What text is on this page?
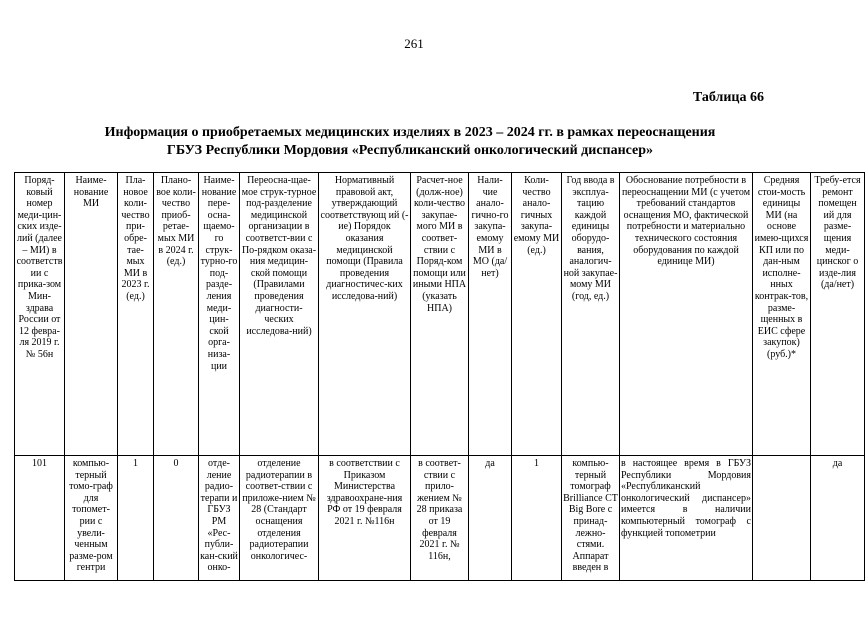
261
Таблица 66
Информация о приобретаемых медицинских изделиях в 2023 – 2024 гг. в рамках переоснащения
ГБУЗ Республики Мордовия «Республиканский онкологический диспансер»
Поряд-ковый номер меди-цин-ских изде-лий (далее – МИ) в соотвeтств ии с прика-зом Мин-здрава России от 12 февра-ля 2019 г. № 56н	Наиме-нование МИ	Пла-новое коли-чество при-обре-тае-мых МИ в 2023 г. (ед.)	Плано-вое коли-чество приоб-ретае-мых МИ в 2024 г. (ед.)	Наиме-нование пере-осна-щаемо-го струк-турно-го под-разде-ления меди-цин-ской орга-низа-ции	Переосна-щае-мое струк-турное под-разделение медицинской организации в соответст-вии с По-рядком оказа-ния медицин-ской помощи (Правилами проведения диагности-ческих исследова-ний)	Нормативный правовой акт, утверждающий соответствующ ий (-ие) Порядок оказания медицинской помощи (Правила проведения диагностичес-ких исследова-ний)	Расчет-ное (долж-ное) коли-чество закупае-мого МИ в соответ-ствии с Поряд-ком помощи или иными НПА (указать НПА)	Нали-чие анало-гично-го закупа-емому МИ в МО (да/ нет)	Коли-чество анало-гичных закупа-емому МИ (ед.)	Год ввода в эксплуа-тацию каждой единицы оборудо-вания, аналогич-ной закупае-мому МИ (год, ед.)	Обоснование потребности в переоснащении МИ (с учетом требований стандартов оснащения МО, фактической потребности и материально технического состояния оборудования по каждой единице МИ)	Средняя стои-мость единицы МИ (на основе имею-щихся КП или по дан-ным исполне-нных контрак-тов, разме-щенных в ЕИС сфере закупок) (руб.)*	Требу-ется ремонт помещен ий для разме-щения меди-цинског о изде-лия (да/нет)
101	компью-терный томо-граф для топомет-рии с увели-ченным разме-ром гентри	1	0	отде-ление радио-терапи и ГБУЗ РМ «Рес-публи-кан-ский онко-	отделение радиотерапии в соответ-ствии с приложе-нием № 28 (Стандарт оснащения отделения радиотерапии онкологичес-	в соответствии с Приказом Министерства здравоохране-ния РФ от 19 февраля 2021 г. №116н	в соответ-ствии с прило-жением № 28 приказа от 19 февраля 2021 г. № 116н,	да	1	компью-терный томограф Brilliance CT Big Bore с принад-лежно-стями. Аппарат введен в	в настоящее время в ГБУЗ Республики Мордовия «Республиканский онкологический диспансер» имеется в наличии компьютерный томограф с функцией топометрии		да
